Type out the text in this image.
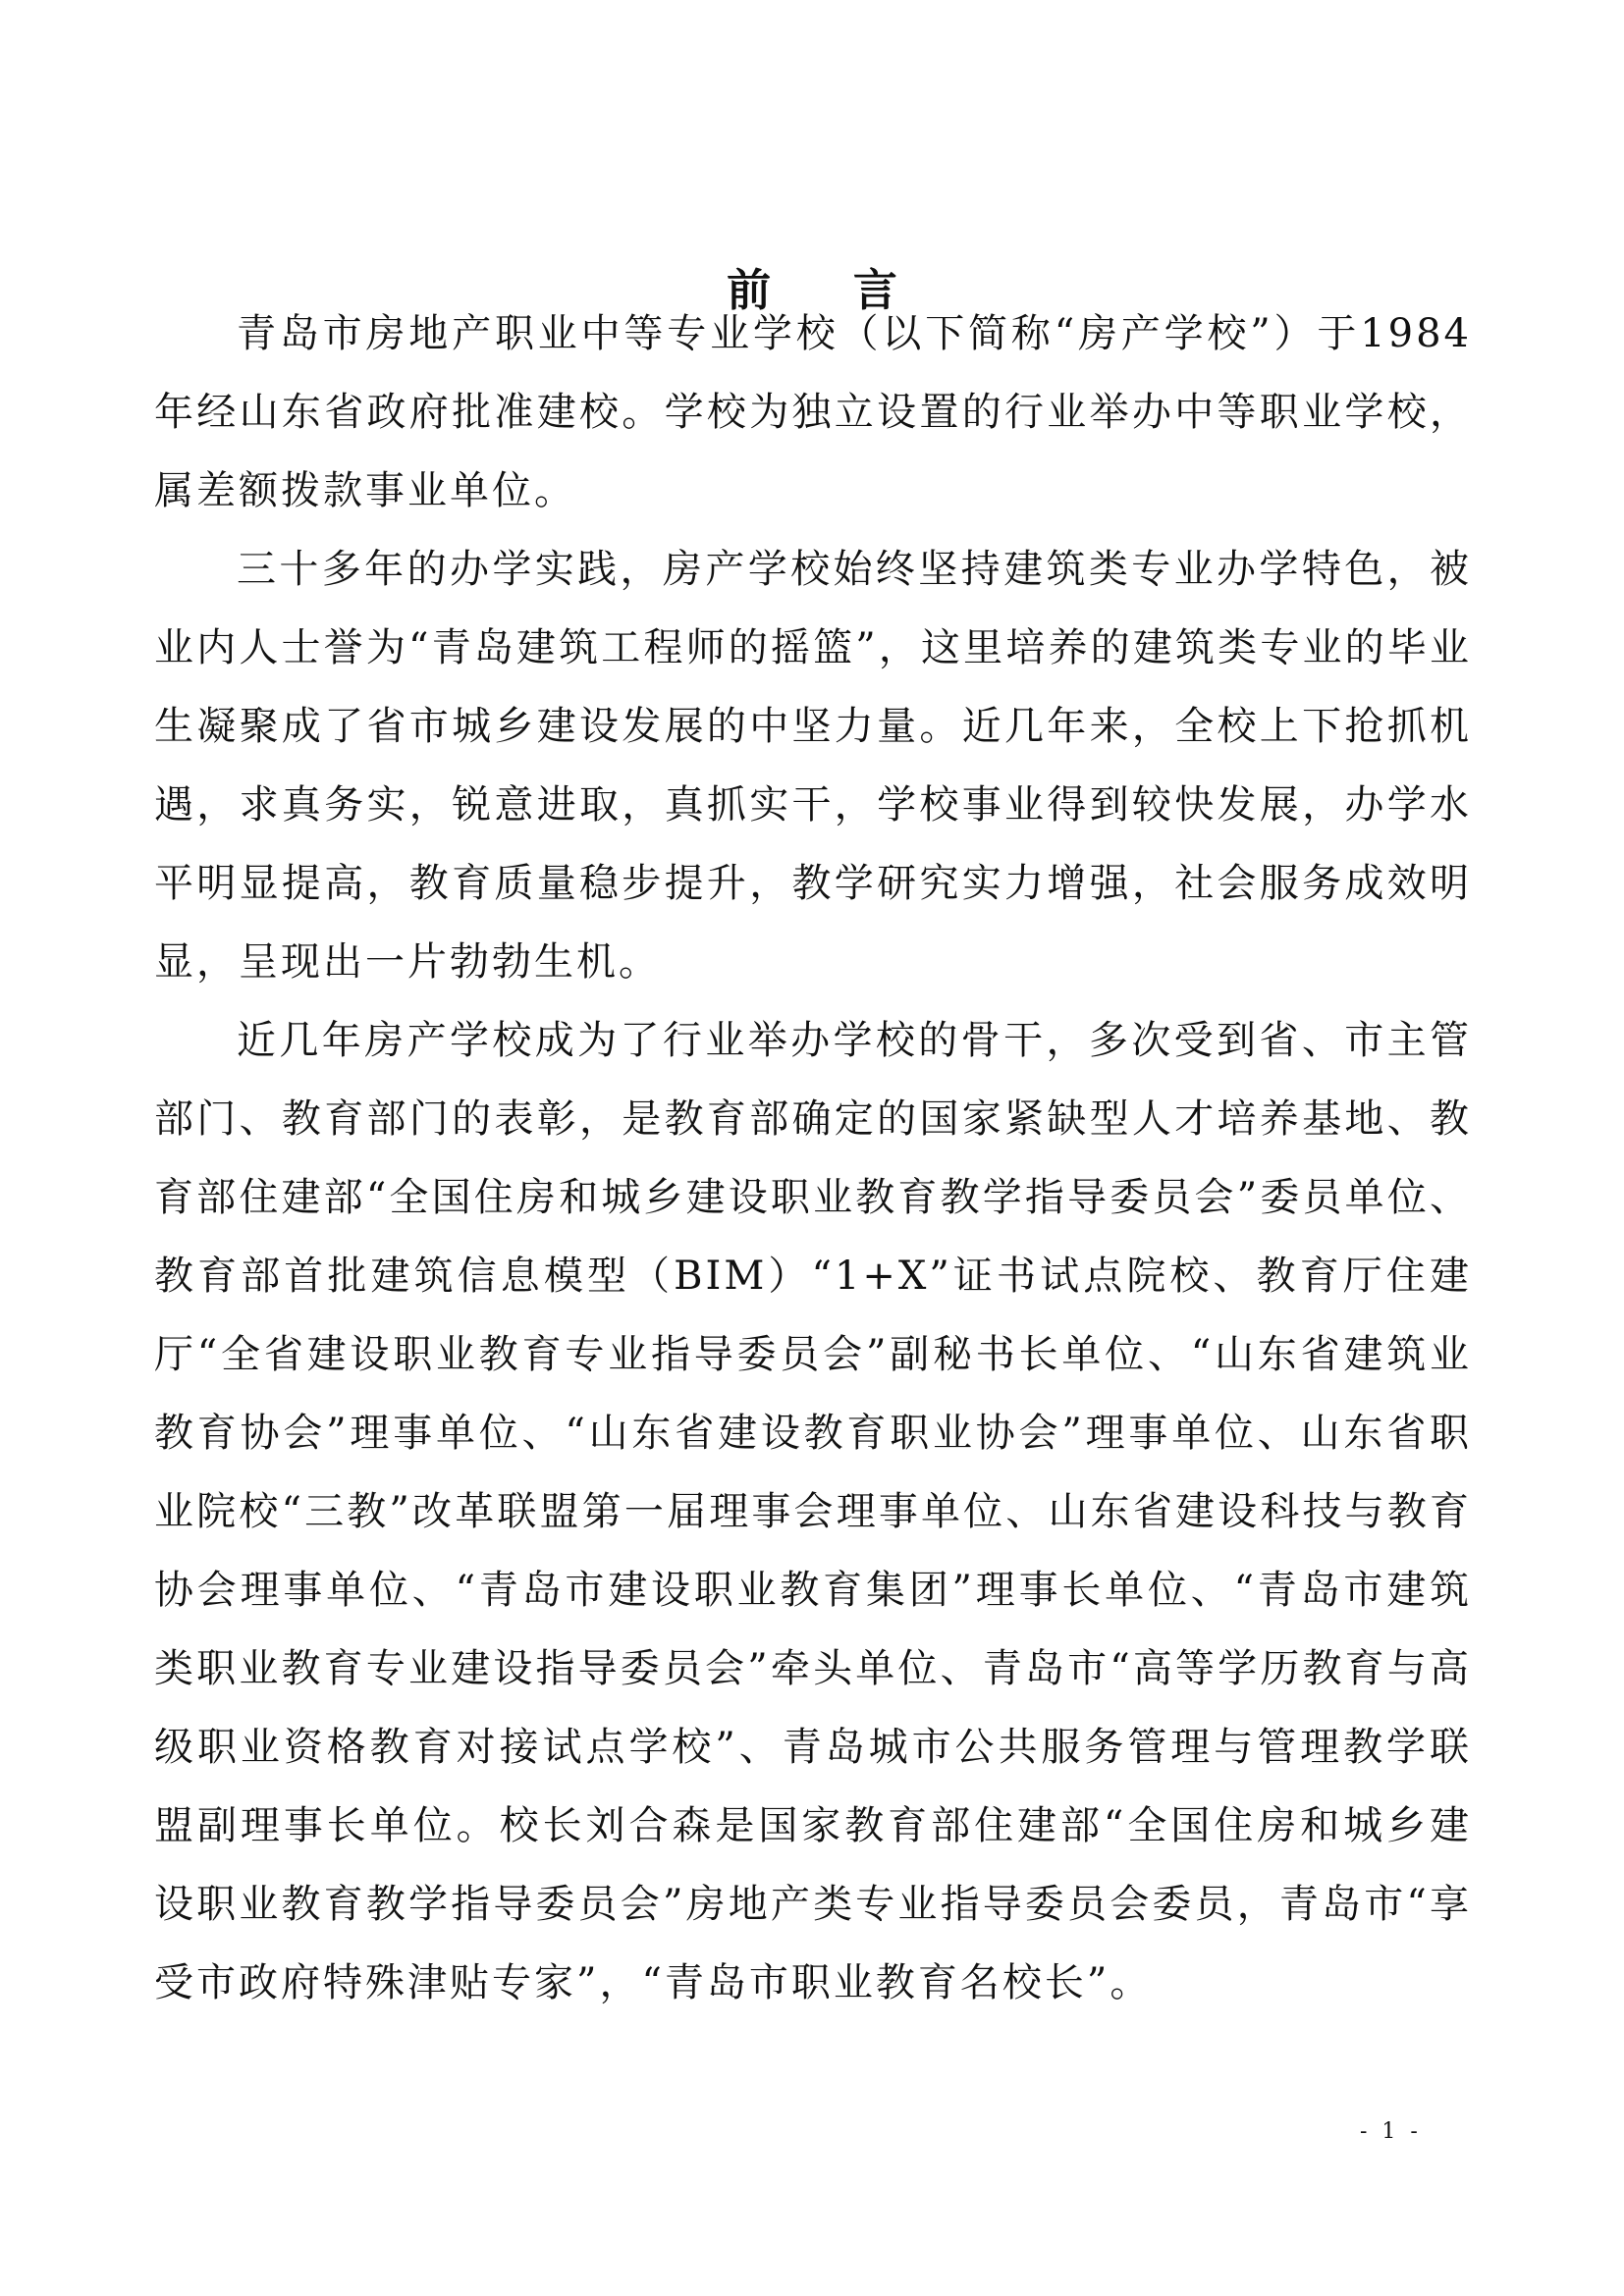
前 言

青岛市房地产职业中等专业学校（以下简称“房产学校”）于1984 年经山东省政府批准建校。学校为独立设置的行业举办中等职业学校，属差额拨款事业单位。

三十多年的办学实践，房产学校始终坚持建筑类专业办学特色，被业内人士誉为“青岛建筑工程师的摇篮”，这里培养的建筑类专业的毕业生凝聚成了省市城乡建设发展的中坚力量。近几年来，全校上下抢抓机遇，求真务实，锐意进取，真抓实干，学校事业得到较快发展，办学水平明显提高，教育质量稳步提升，教学研究实力增强，社会服务成效明显，呈现出一片勃勃生机。

近几年房产学校成为了行业举办学校的骨干，多次受到省、市主管部门、教育部门的表彰，是教育部确定的国家紧缺型人才培养基地、教育部住建部“全国住房和城乡建设职业教育教学指导委员会”委员单位、教育部首批建筑信息模型（BIM）“1+X”证书试点院校、教育厅住建厅“全省建设职业教育专业指导委员会”副秘书长单位、“山东省建筑业教育协会”理事单位、“山东省建设教育职业协会”理事单位、山东省职业院校“三教”改革联盟第一届理事会理事单位、山东省建设科技与教育协会理事单位、“青岛市建设职业教育集团”理事长单位、“青岛市建筑类职业教育专业建设指导委员会”牵头单位、青岛市“高等学历教育与高级职业资格教育对接试点学校”、青岛城市公共服务管理与管理教学联盟副理事长单位。校长刘合森是国家教育部住建部“全国住房和城乡建设职业教育教学指导委员会”房地产类专业指导委员会委员，青岛市“享受市政府特殊津贴专家”，“青岛市职业教育名校长”。

- 1 -
